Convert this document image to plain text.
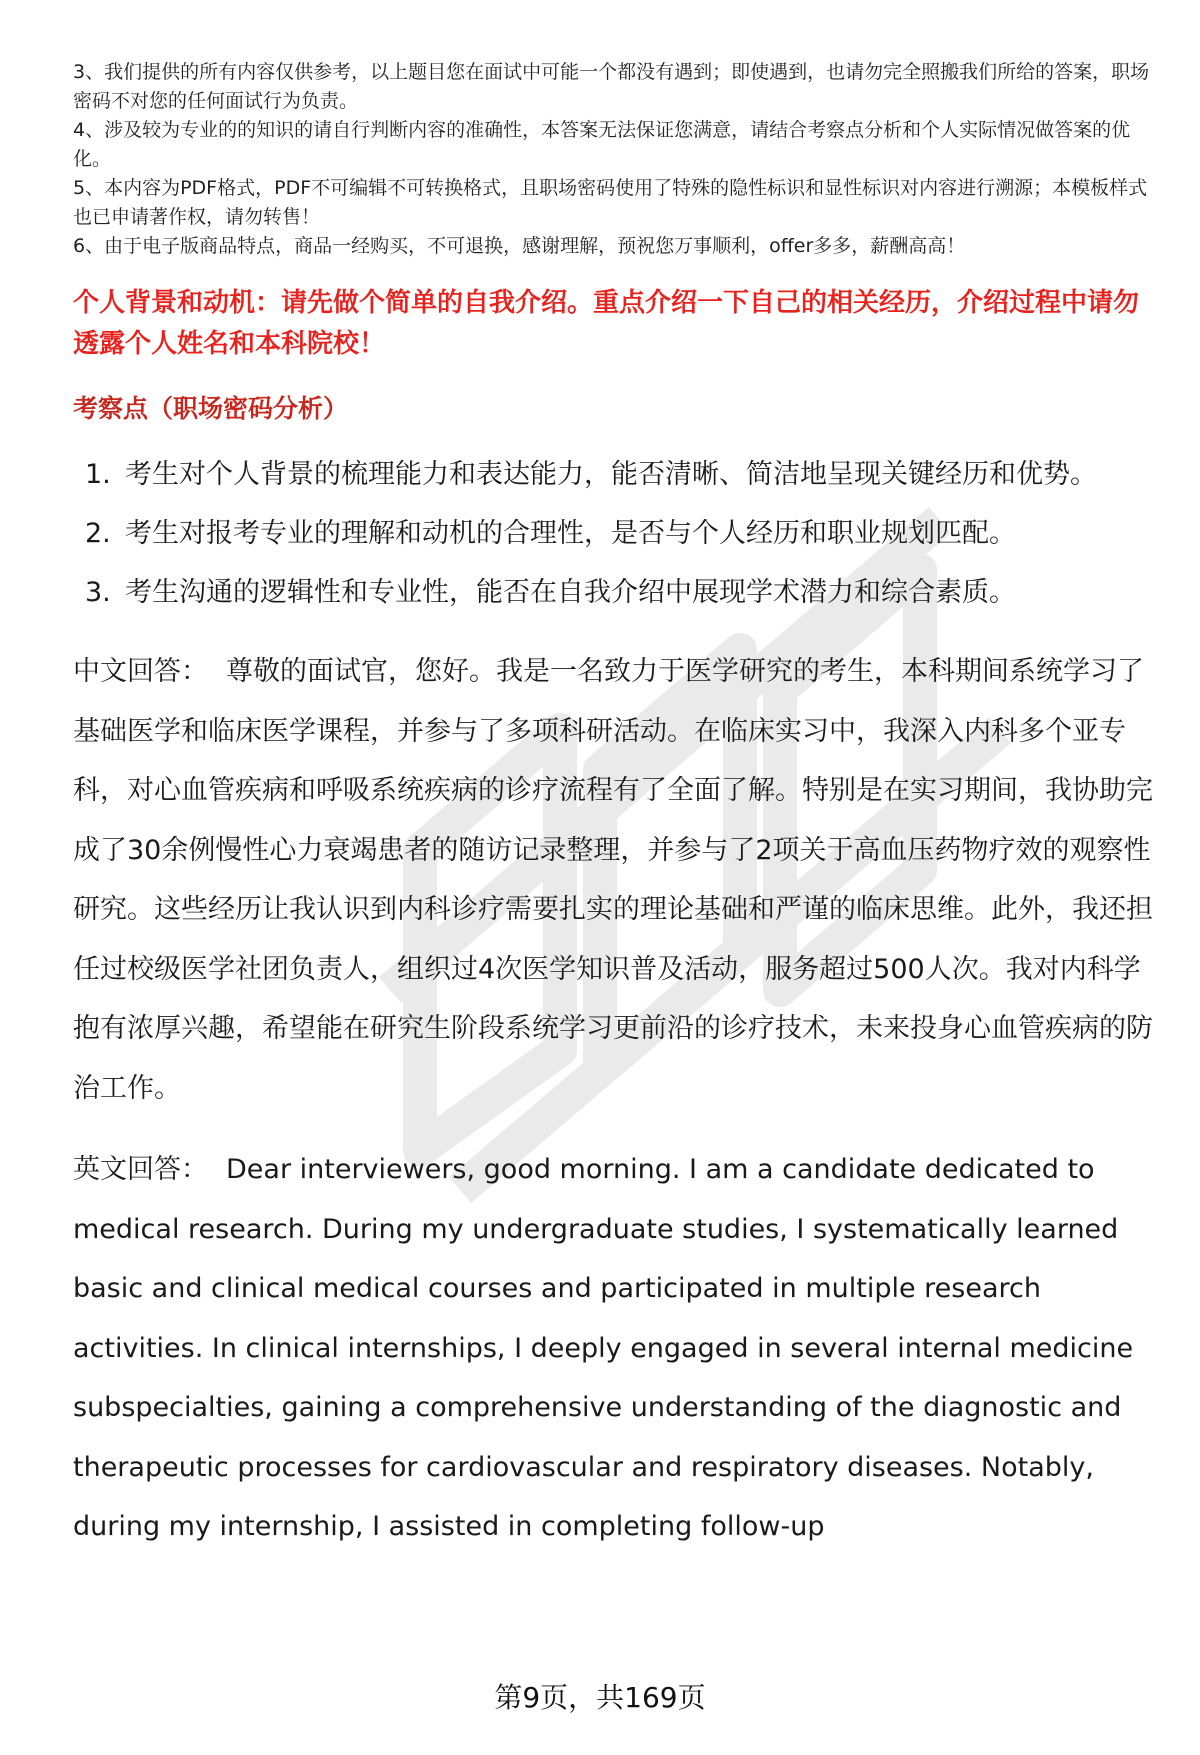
3、我们提供的所有内容仅供参考，以上题目您在面试中可能一个都没有遇到；即使遇到，也请勿完全照搬我们所给的答案，职场密码不对您的任何面试行为负责。

4、涉及较为专业的的知识的请自行判断内容的准确性，本答案无法保证您满意，请结合考察点分析和个人实际情况做答案的优化。

5、本内容为PDF格式，PDF不可编辑不可转换格式，且职场密码使用了特殊的隐性标识和显性标识对内容进行溯源；本模板样式也已申请著作权，请勿转售！

6、由于电子版商品特点，商品一经购买，不可退换，感谢理解，预祝您万事顺利，offer多多，薪酬高高！

个人背景和动机：请先做个简单的自我介绍。重点介绍一下自己的相关经历，介绍过程中请勿透露个人姓名和本科院校！
考察点（职场密码分析）
1. 考生对个人背景的梳理能力和表达能力，能否清晰、简洁地呈现关键经历和优势。
2. 考生对报考专业的理解和动机的合理性，是否与个人经历和职业规划匹配。
3. 考生沟通的逻辑性和专业性，能否在自我介绍中展现学术潜力和综合素质。
中文回答： 尊敬的面试官，您好。我是一名致力于医学研究的考生，本科期间系统学习了基础医学和临床医学课程，并参与了多项科研活动。在临床实习中，我深入内科多个亚专科，对心血管疾病和呼吸系统疾病的诊疗流程有了全面了解。特别是在实习期间，我协助完成了30余例慢性心力衰竭患者的随访记录整理，并参与了2项关于高血压药物疗效的观察性研究。这些经历让我认识到内科诊疗需要扎实的理论基础和严谨的临床思维。此外，我还担任过校级医学社团负责人，组织过4次医学知识普及活动，服务超过500人次。我对内科学抱有浓厚兴趣，希望能在研究生阶段系统学习更前沿的诊疗技术，未来投身心血管疾病的防治工作。
英文回答： Dear interviewers, good morning. I am a candidate dedicated to medical research. During my undergraduate studies, I systematically learned basic and clinical medical courses and participated in multiple research activities. In clinical internships, I deeply engaged in several internal medicine subspecialties, gaining a comprehensive understanding of the diagnostic and therapeutic processes for cardiovascular and respiratory diseases. Notably, during my internship, I assisted in completing follow-up
第9页，共169页
